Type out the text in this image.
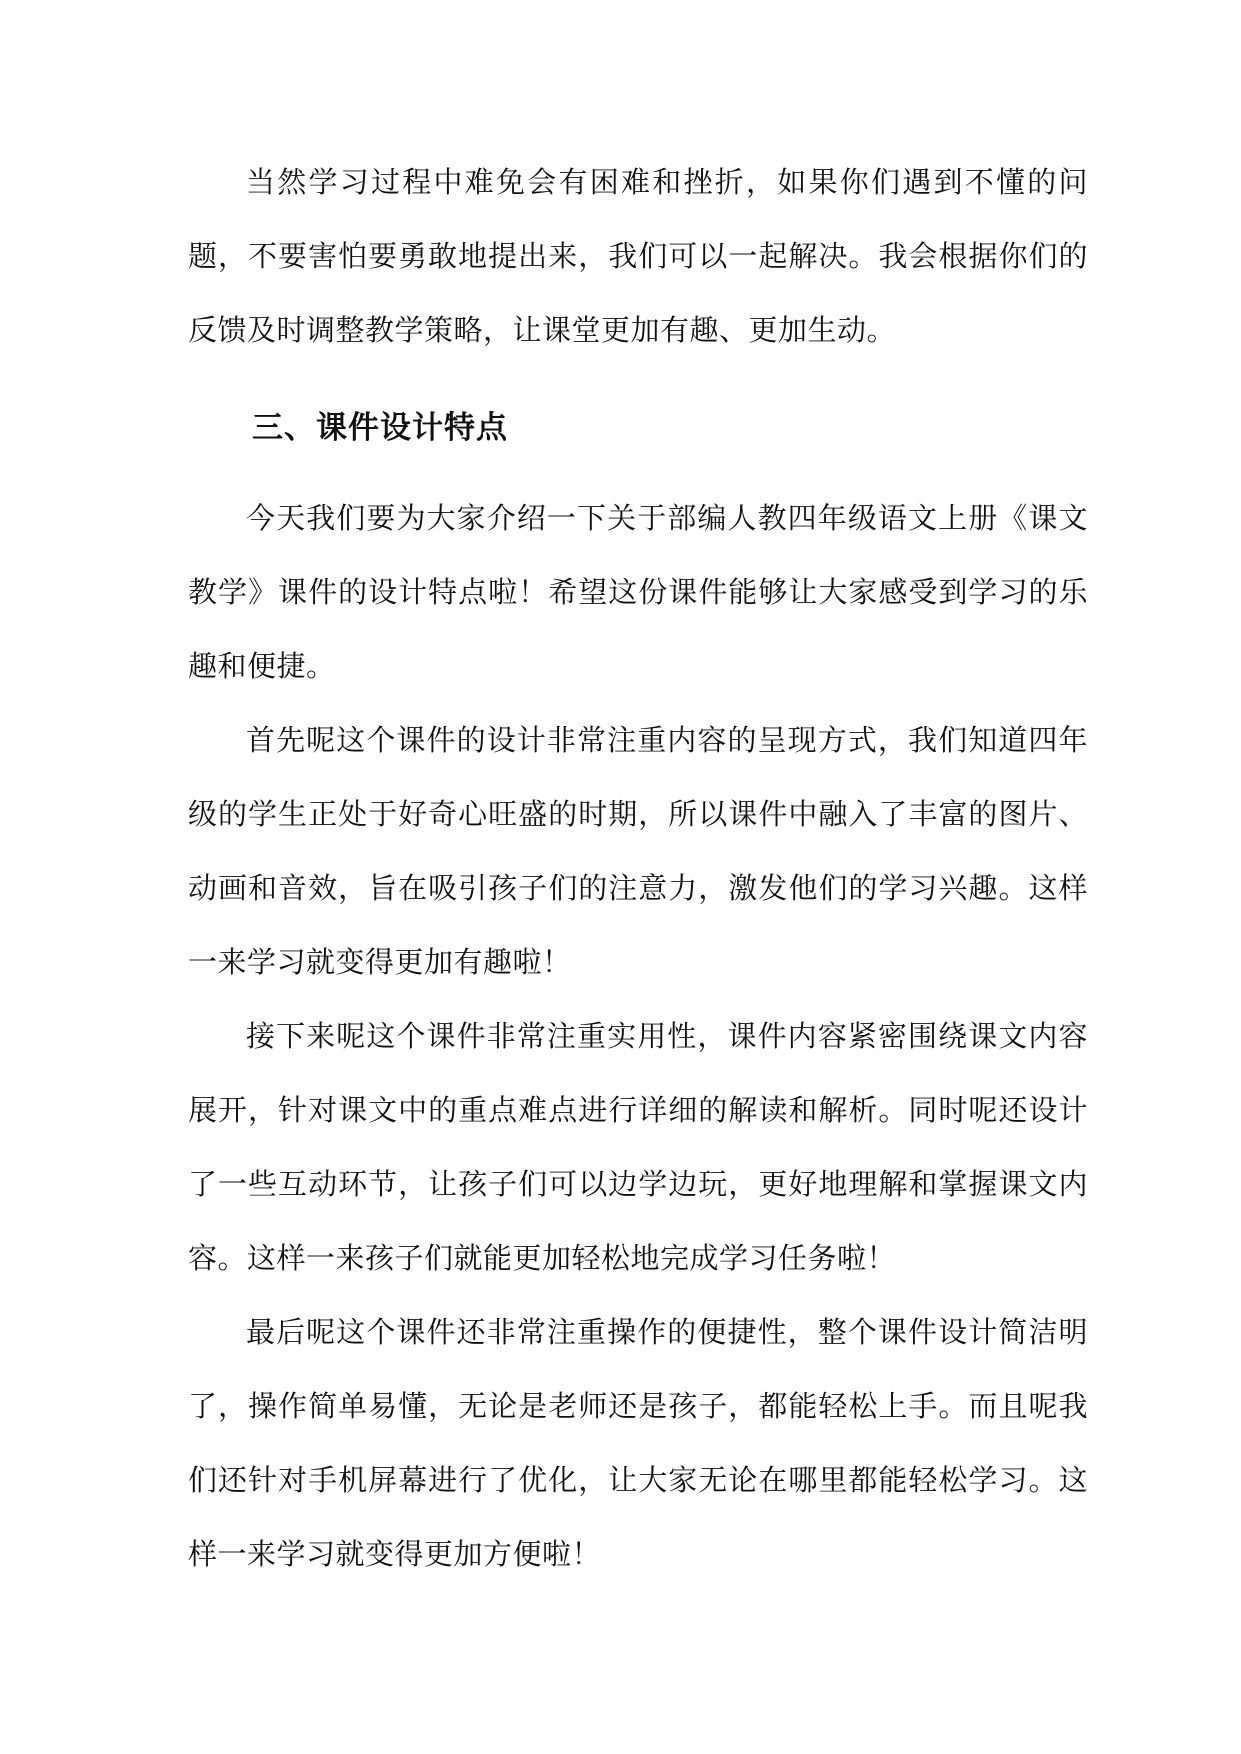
当然学习过程中难免会有困难和挫折，如果你们遇到不懂的问题，不要害怕要勇敢地提出来，我们可以一起解决。我会根据你们的反馈及时调整教学策略，让课堂更加有趣、更加生动。

三、课件设计特点

今天我们要为大家介绍一下关于部编人教四年级语文上册《课文教学》课件的设计特点啦！希望这份课件能够让大家感受到学习的乐趣和便捷。

首先呢这个课件的设计非常注重内容的呈现方式，我们知道四年级的学生正处于好奇心旺盛的时期，所以课件中融入了丰富的图片、动画和音效，旨在吸引孩子们的注意力，激发他们的学习兴趣。这样一来学习就变得更加有趣啦！

接下来呢这个课件非常注重实用性，课件内容紧密围绕课文内容展开，针对课文中的重点难点进行详细的解读和解析。同时呢还设计了一些互动环节，让孩子们可以边学边玩，更好地理解和掌握课文内容。这样一来孩子们就能更加轻松地完成学习任务啦！

最后呢这个课件还非常注重操作的便捷性，整个课件设计简洁明了，操作简单易懂，无论是老师还是孩子，都能轻松上手。而且呢我们还针对手机屏幕进行了优化，让大家无论在哪里都能轻松学习。这样一来学习就变得更加方便啦！
